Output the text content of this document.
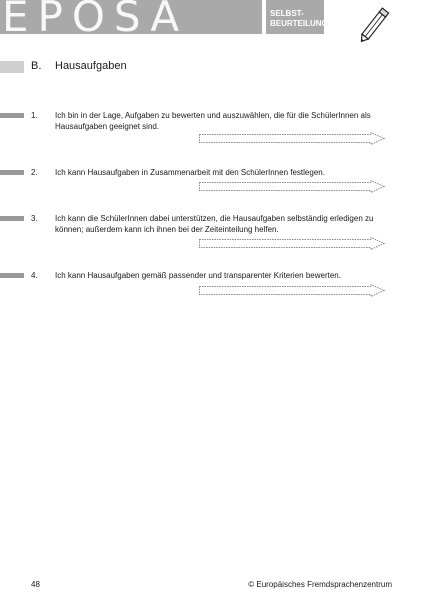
EPOSA	SELBST-
BEURTEILUNG
B. Hausaufgaben
1. Ich bin in der Lage, Aufgaben zu bewerten und auszuwählen, die für die SchülerInnen als Hausaufgaben geeignet sind.
2. Ich kann Hausaufgaben in Zusammenarbeit mit den SchülerInnen festlegen.
3. Ich kann die SchülerInnen dabei unterstützen, die Hausaufgaben selbständig erledigen zu können; außerdem kann ich ihnen bei der Zeiteinteilung helfen.
4. Ich kann Hausaufgaben gemäß passender und transparenter Kriterien bewerten.
48	© Europäisches Fremdsprachenzentrum
